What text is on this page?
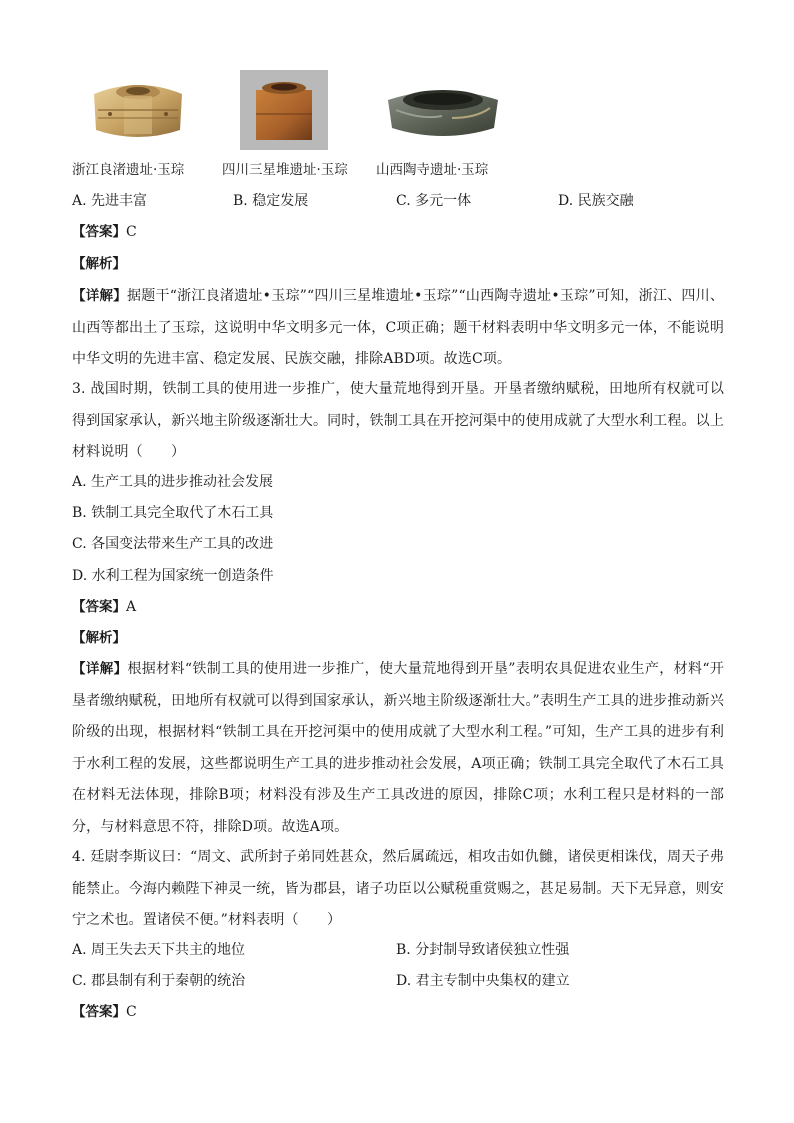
浙江良渚遗址·玉琮	四川三星堆遗址·玉琮 山西陶寺遗址·玉琮
A. 先进丰富	B. 稳定发展	C. 多元一体	D. 民族交融
【答案】C
【解析】
【详解】据题干“浙江良渚遗址•玉琮”“四川三星堆遗址•玉琮”“山西陶寺遗址•玉琮”可知，浙江、四川、山西等都出土了玉琮，这说明中华文明多元一体，C项正确；题干材料表明中华文明多元一体，不能说明中华文明的先进丰富、稳定发展、民族交融，排除ABD项。故选C项。
3. 战国时期，铁制工具的使用进一步推广，使大量荒地得到开垦。开垦者缴纳赋税，田地所有权就可以得到国家承认，新兴地主阶级逐渐壮大。同时，铁制工具在开挖河渠中的使用成就了大型水利工程。以上材料说明（　　）
A. 生产工具的进步推动社会发展
B. 铁制工具完全取代了木石工具
C. 各国变法带来生产工具的改进
D. 水利工程为国家统一创造条件
【答案】A
【解析】
【详解】根据材料“铁制工具的使用进一步推广，使大量荒地得到开垦”表明农具促进农业生产，材料“开垦者缴纳赋税，田地所有权就可以得到国家承认，新兴地主阶级逐渐壮大。”表明生产工具的进步推动新兴阶级的出现，根据材料“铁制工具在开挖河渠中的使用成就了大型水利工程。”可知，生产工具的进步有利于水利工程的发展，这些都说明生产工具的进步推动社会发展，A项正确；铁制工具完全取代了木石工具在材料无法体现，排除B项；材料没有涉及生产工具改进的原因，排除C项；水利工程只是材料的一部分，与材料意思不符，排除D项。故选A项。
4. 廷尉李斯议曰：“周文、武所封子弟同姓甚众，然后属疏远，相攻击如仇雠，诸侯更相诛伐，周天子弗能禁止。今海内赖陛下神灵一统，皆为郡县，诸子功臣以公赋税重赏赐之，甚足易制。天下无异意，则安宁之术也。置诸侯不便。”材料表明（　　）
A. 周王失去天下共主的地位	B. 分封制导致诸侯独立性强
C. 郡县制有利于秦朝的统治	D. 君主专制中央集权的建立
【答案】C
